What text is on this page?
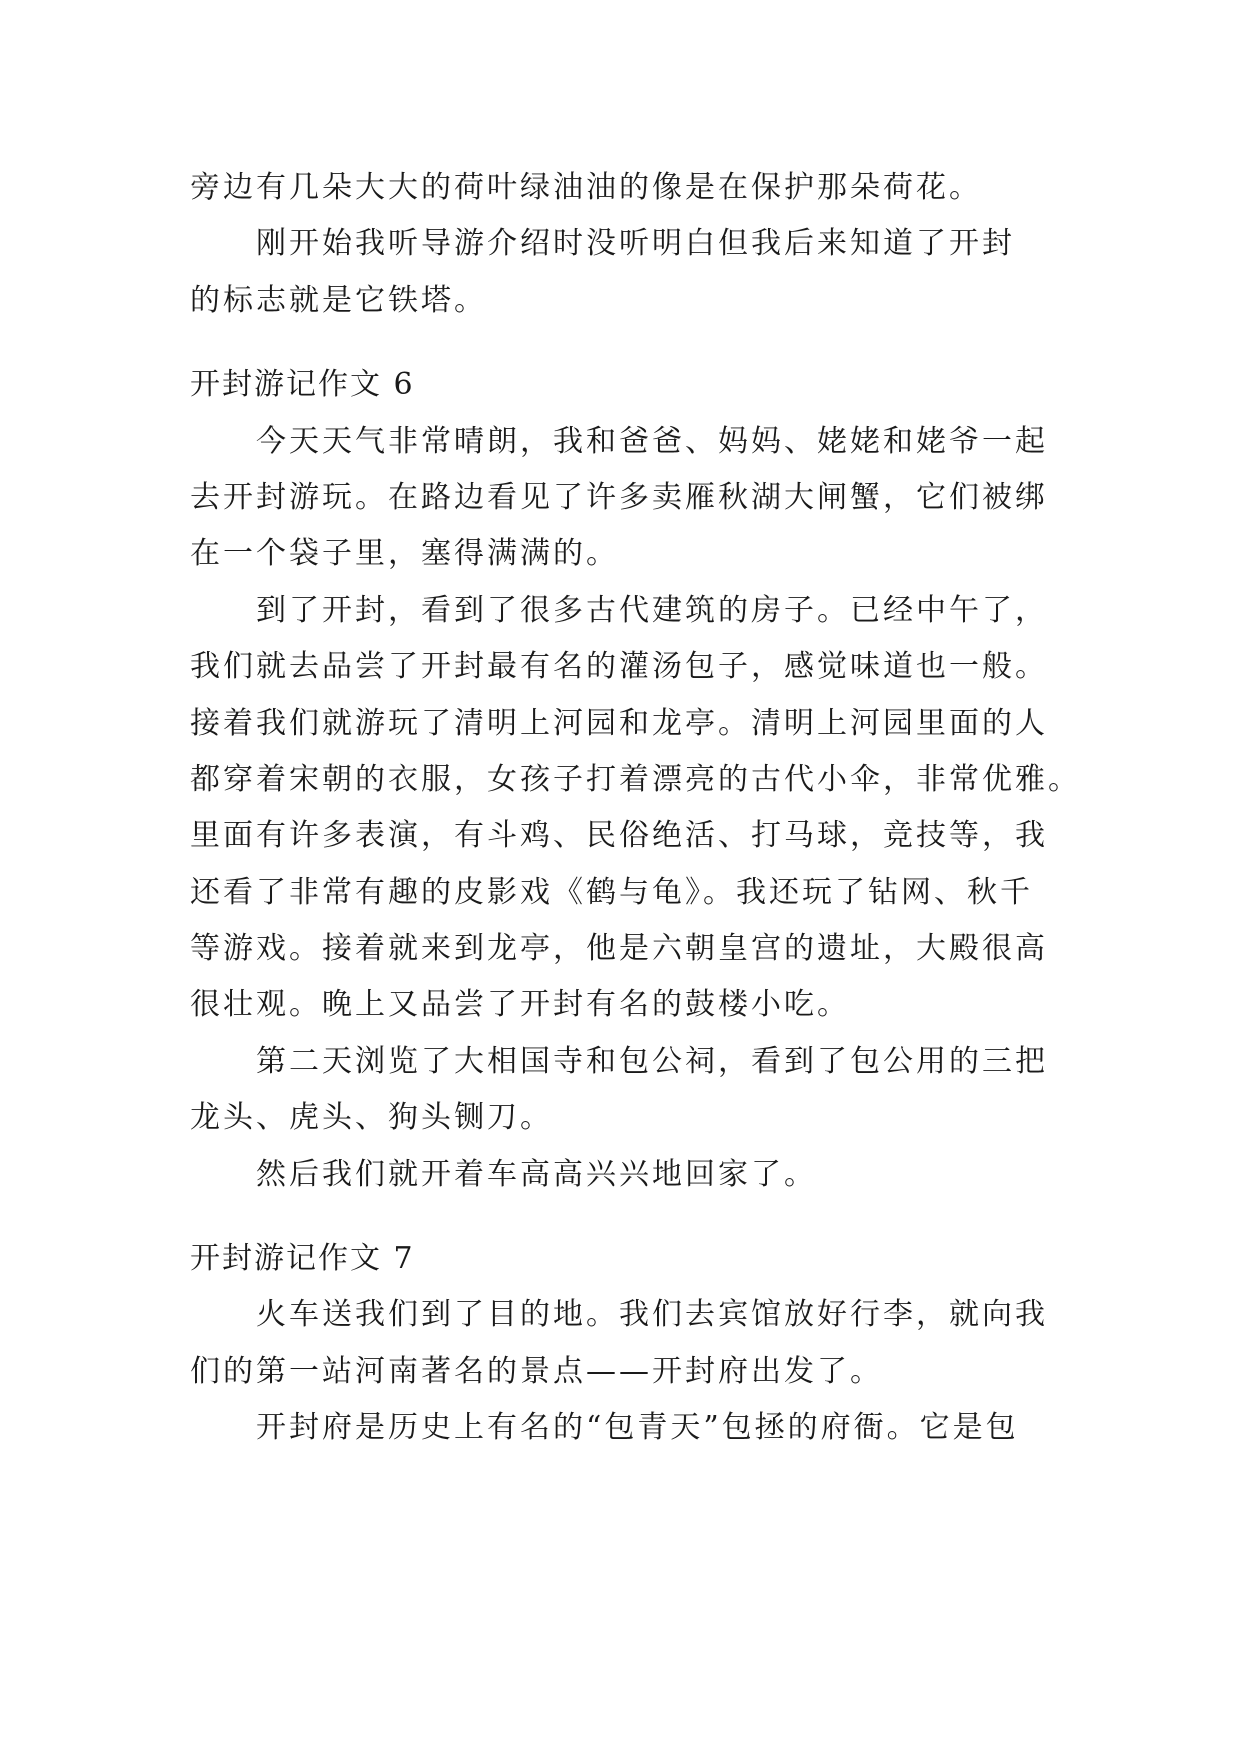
旁边有几朵大大的荷叶绿油油的像是在保护那朵荷花。
刚开始我听导游介绍时没听明白但我后来知道了开封
的标志就是它铁塔。
开封游记作文 6
今天天气非常晴朗，我和爸爸、妈妈、姥姥和姥爷一起
去开封游玩。在路边看见了许多卖雁秋湖大闸蟹，它们被绑
在一个袋子里，塞得满满的。
到了开封，看到了很多古代建筑的房子。已经中午了，
我们就去品尝了开封最有名的灌汤包子，感觉味道也一般。
接着我们就游玩了清明上河园和龙亭。清明上河园里面的人
都穿着宋朝的衣服，女孩子打着漂亮的古代小伞，非常优雅。
里面有许多表演，有斗鸡、民俗绝活、打马球，竞技等，我
还看了非常有趣的皮影戏《鹤与龟》。我还玩了钻网、秋千
等游戏。接着就来到龙亭，他是六朝皇宫的遗址，大殿很高
很壮观。晚上又品尝了开封有名的鼓楼小吃。
第二天浏览了大相国寺和包公祠，看到了包公用的三把
龙头、虎头、狗头铡刀。
然后我们就开着车高高兴兴地回家了。
开封游记作文 7
火车送我们到了目的地。我们去宾馆放好行李，就向我
们的第一站河南著名的景点——开封府出发了。
开封府是历史上有名的“包青天”包拯的府衙。它是包
